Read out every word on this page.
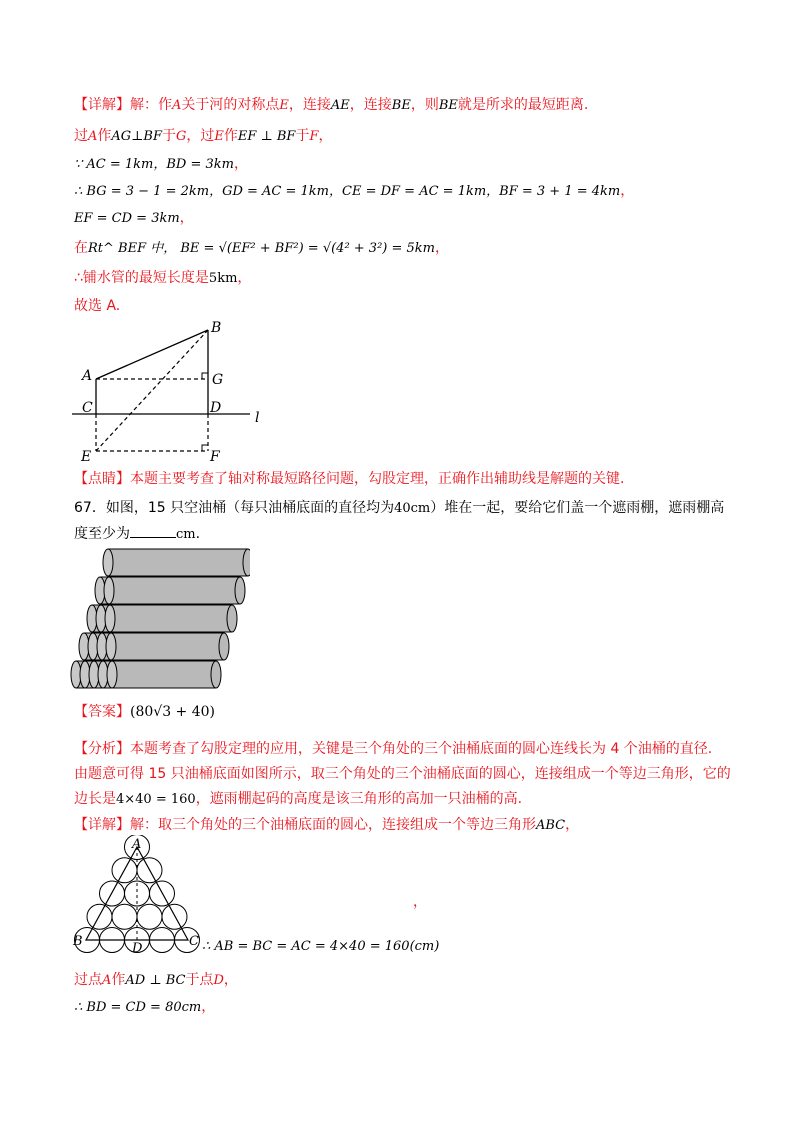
【详解】解：作A关于河的对称点E，连接AE，连接BE，则BE就是所求的最短距离.
过A作AG⊥BF于G，过E作EF ⊥ BF于F，
∵ AC = 1km，BD = 3km，
∴ BG = 3 − 1 = 2km，GD = AC = 1km，CE = DF = AC = 1km，BF = 3 + 1 = 4km，
EF = CD = 3km，
在Rt^ BEF 中， BE = √(EF² + BF²) = √(4² + 3²) = 5km，
∴铺水管的最短长度是5km，
故选 A.
A
B
G
C	D
l
E	F
【点睛】本题主要考查了轴对称最短路径问题，勾股定理，正确作出辅助线是解题的关键.
67．如图，15 只空油桶（每只油桶底面的直径均为40cm）堆在一起，要给它们盖一个遮雨棚，遮雨棚高
度至少为	cm.
【答案】(80√3 + 40)
【分析】本题考查了勾股定理的应用，关键是三个角处的三个油桶底面的圆心连线长为 4 个油桶的直径.
由题意可得 15 只油桶底面如图所示，取三个角处的三个油桶底面的圆心，连接组成一个等边三角形，它的
边长是4×40 = 160，遮雨棚起码的高度是该三角形的高加一只油桶的高.
【详解】解：取三个角处的三个油桶底面的圆心，连接组成一个等边三角形ABC，
A
B	D	C ∴ AB = BC = AC = 4×40 = 160(cm)
，
过点A作AD ⊥ BC于点D，
∴ BD = CD = 80cm，
